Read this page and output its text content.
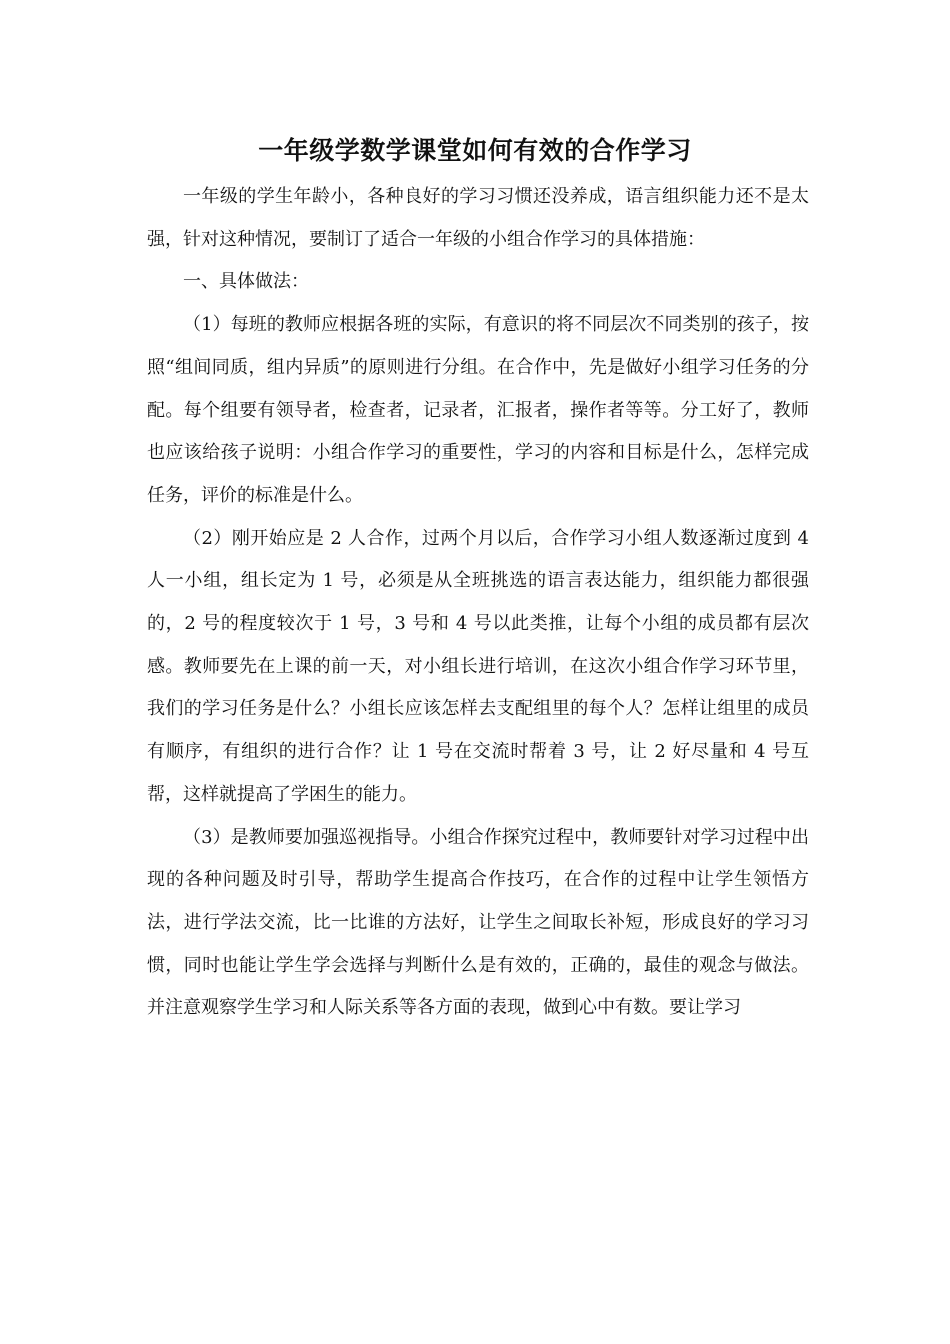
一年级学数学课堂如何有效的合作学习

一年级的学生年龄小，各种良好的学习习惯还没养成，语言组织能力还不是太强，针对这种情况，要制订了适合一年级的小组合作学习的具体措施：

一、具体做法：

（1）每班的教师应根据各班的实际，有意识的将不同层次不同类别的孩子，按照“组间同质，组内异质”的原则进行分组。在合作中，先是做好小组学习任务的分配。每个组要有领导者，检查者，记录者，汇报者，操作者等等。分工好了，教师也应该给孩子说明：小组合作学习的重要性，学习的内容和目标是什么，怎样完成任务，评价的标准是什么。

（2）刚开始应是 2 人合作，过两个月以后，合作学习小组人数逐渐过度到 4 人一小组，组长定为 1 号，必须是从全班挑选的语言表达能力，组织能力都很强的，2 号的程度较次于 1 号，3 号和 4 号以此类推，让每个小组的成员都有层次感。教师要先在上课的前一天，对小组长进行培训，在这次小组合作学习环节里，我们的学习任务是什么？小组长应该怎样去支配组里的每个人？怎样让组里的成员有顺序，有组织的进行合作？让 1 号在交流时帮着 3 号，让 2 好尽量和 4 号互帮，这样就提高了学困生的能力。

（3）是教师要加强巡视指导。小组合作探究过程中，教师要针对学习过程中出现的各种问题及时引导，帮助学生提高合作技巧，在合作的过程中让学生领悟方法，进行学法交流，比一比谁的方法好，让学生之间取长补短，形成良好的学习习惯，同时也能让学生学会选择与判断什么是有效的，正确的，最佳的观念与做法。并注意观察学生学习和人际关系等各方面的表现，做到心中有数。要让学习
